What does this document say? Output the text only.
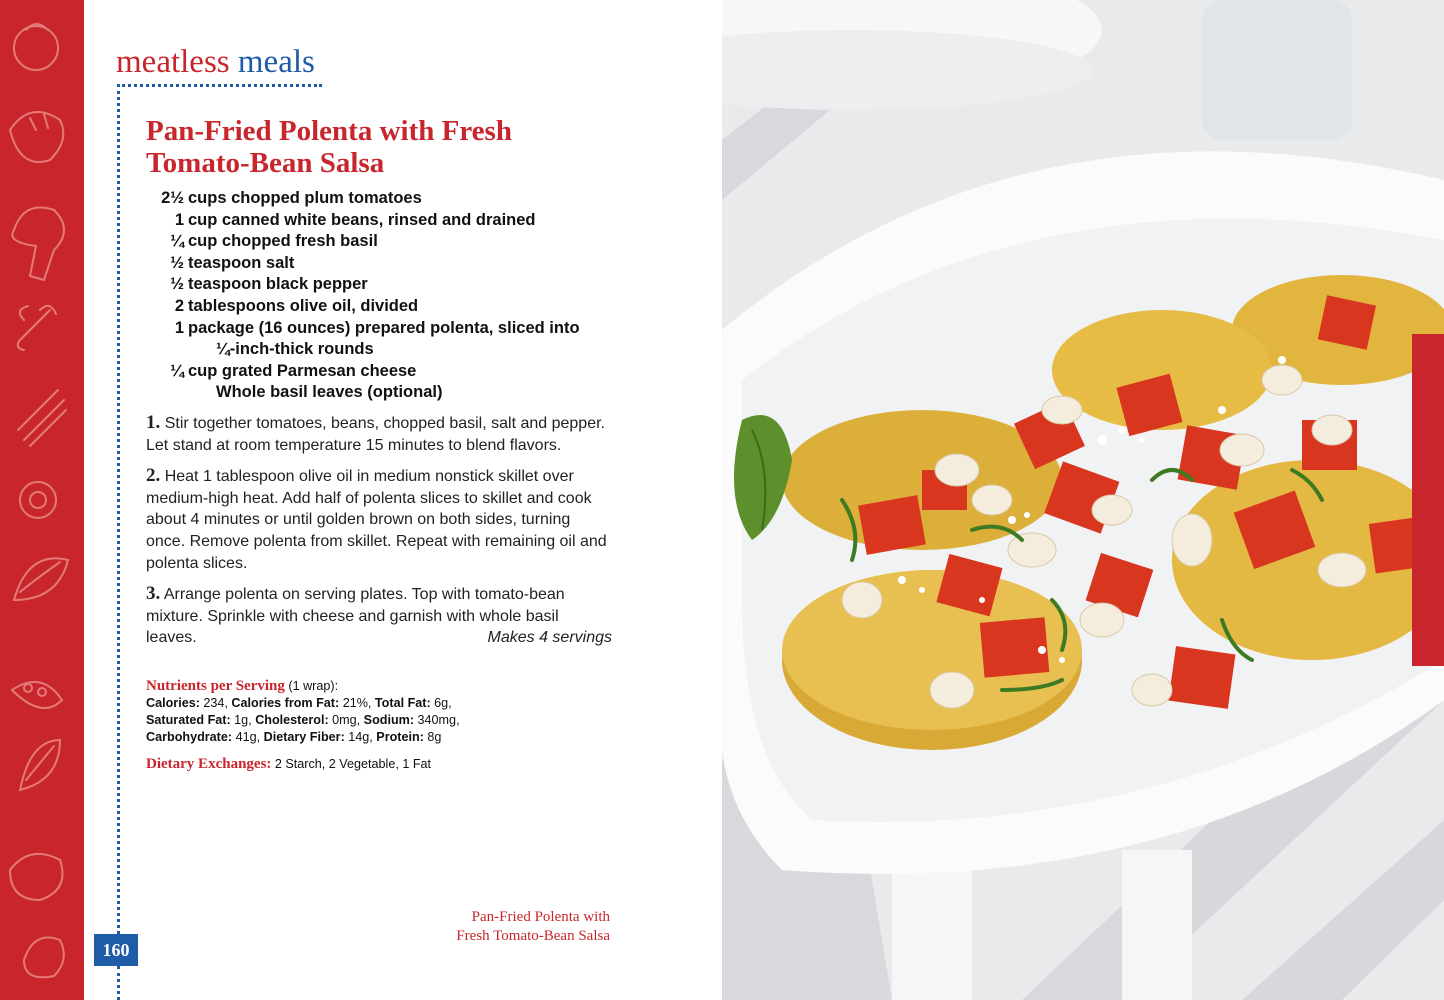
meatless meals
160
Pan-Fried Polenta with Fresh
Tomato-Bean Salsa
2½ cups chopped plum tomatoes
1 cup canned white beans, rinsed and drained
¼ cup chopped fresh basil
½ teaspoon salt
½ teaspoon black pepper
2 tablespoons olive oil, divided
1 package (16 ounces) prepared polenta, sliced into
¼-inch-thick rounds
¼ cup grated Parmesan cheese
Whole basil leaves (optional)
1. Stir together tomatoes, beans, chopped basil, salt and pepper. Let stand at room temperature 15 minutes to blend flavors.
2. Heat 1 tablespoon olive oil in medium nonstick skillet over medium-high heat. Add half of polenta slices to skillet and cook about 4 minutes or until golden brown on both sides, turning once. Remove polenta from skillet. Repeat with remaining oil and polenta slices.
3. Arrange polenta on serving plates. Top with tomato-bean mixture. Sprinkle with cheese and garnish with whole basil leaves.	Makes 4 servings
Nutrients per Serving (1 wrap):
Calories: 234, Calories from Fat: 21%, Total Fat: 6g,
Saturated Fat: 1g, Cholesterol: 0mg, Sodium: 340mg,
Carbohydrate: 41g, Dietary Fiber: 14g, Protein: 8g
Dietary Exchanges: 2 Starch, 2 Vegetable, 1 Fat
Pan-Fried Polenta with
Fresh Tomato-Bean Salsa
